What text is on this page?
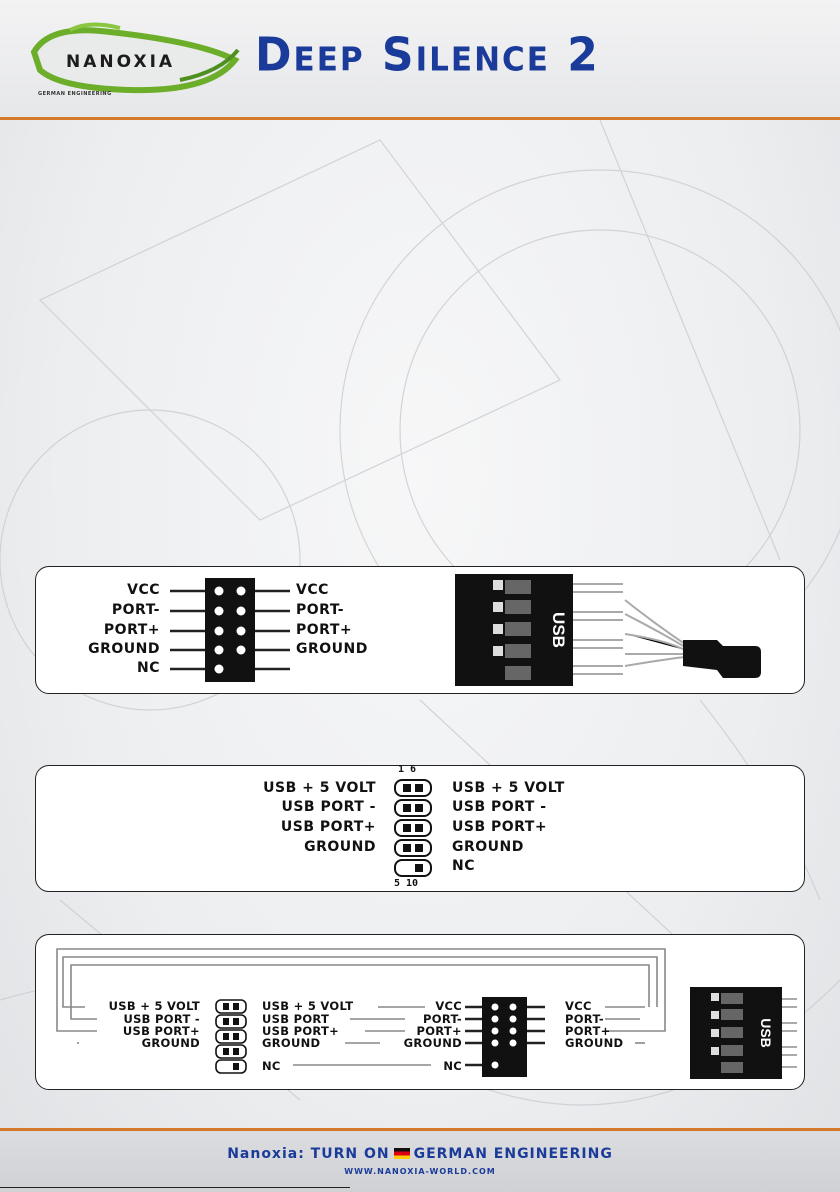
NANOXIA
GERMAN ENGINEERING
Deep Silence 2
VCC
PORT-
PORT+
GROUND
NC
VCC
PORT-
PORT+
GROUND
USB
1 6
5 10
USB + 5 VOLT
USB PORT -
USB PORT+
GROUND
USB + 5 VOLT
USB PORT -
USB PORT+
GROUND
NC
USB
USB + 5 VOLT
USB PORT -
USB PORT+
GROUND
USB + 5 VOLT
USB PORT
USB PORT+
GROUND
NC
VCC
PORT-
PORT+
GROUND
NC
VCC
PORT-
PORT+
GROUND
Nanoxia: TURN ON GERMAN ENGINEERING
WWW.NANOXIA-WORLD.COM
